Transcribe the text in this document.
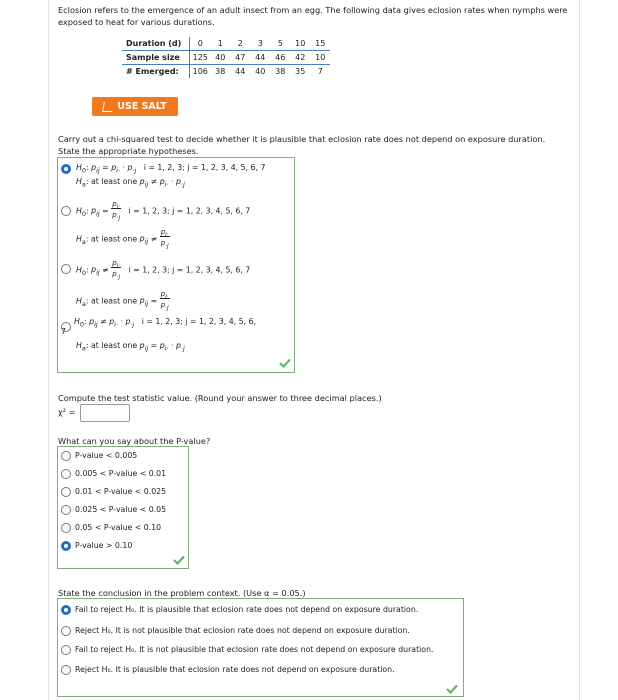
Eclosion refers to the emergence of an adult insect from an egg. The following data gives eclosion rates when nymphs were exposed to heat for various durations.
Duration (d)	0	1	2	3	5	10	15
Sample size	125	40	47	44	46	42	10
# Emerged:	106	38	44	40	38	35	7
USE SALT
Carry out a chi-squared test to decide whether it is plausible that eclosion rate does not depend on exposure duration.
State the appropriate hypotheses.
$H_0$: $p_{ij} = p_{i\cdot} \cdot p_{\cdot j}$ i = 1, 2, 3; j = 1, 2, 3, 4, 5, 6, 7
$H_a$: at least one $p_{ij} \ne p_{i\cdot} \cdot p_{\cdot j}$
$H_0$: $p_{ij} = \frac{p_{i\cdot}}{p_{\cdot j}}$ i = 1, 2, 3; j = 1, 2, 3, 4, 5, 6, 7
$H_a$: at least one $p_{ij} \ne \frac{p_{i\cdot}}{p_{\cdot j}}$
$H_0$: $p_{ij} \ne \frac{p_{i\cdot}}{p_{\cdot j}}$ i = 1, 2, 3; j = 1, 2, 3, 4, 5, 6, 7
$H_a$: at least one $p_{ij} = \frac{p_{i\cdot}}{p_{\cdot j}}$
$H_0$: $p_{ij} \ne p_{i\cdot} \cdot p_{\cdot j}$ i = 1, 2, 3; j = 1, 2, 3, 4, 5, 6,
7
$H_a$: at least one $p_{ij} = p_{i\cdot} \cdot p_{\cdot j}$
Compute the test statistic value. (Round your answer to three decimal places.)
χ² =
What can you say about the P-value?
P-value < 0.005
0.005 < P-value < 0.01
0.01 < P-value < 0.025
0.025 < P-value < 0.05
0.05 < P-value < 0.10
P-value > 0.10
State the conclusion in the problem context. (Use α = 0.05.)
Fail to reject H₀. It is plausible that eclosion rate does not depend on exposure duration.
Reject H₀. It is not plausible that eclosion rate does not depend on exposure duration.
Fail to reject H₀. It is not plausible that eclosion rate does not depend on exposure duration.
Reject H₀. It is plausible that eclosion rate does not depend on exposure duration.
